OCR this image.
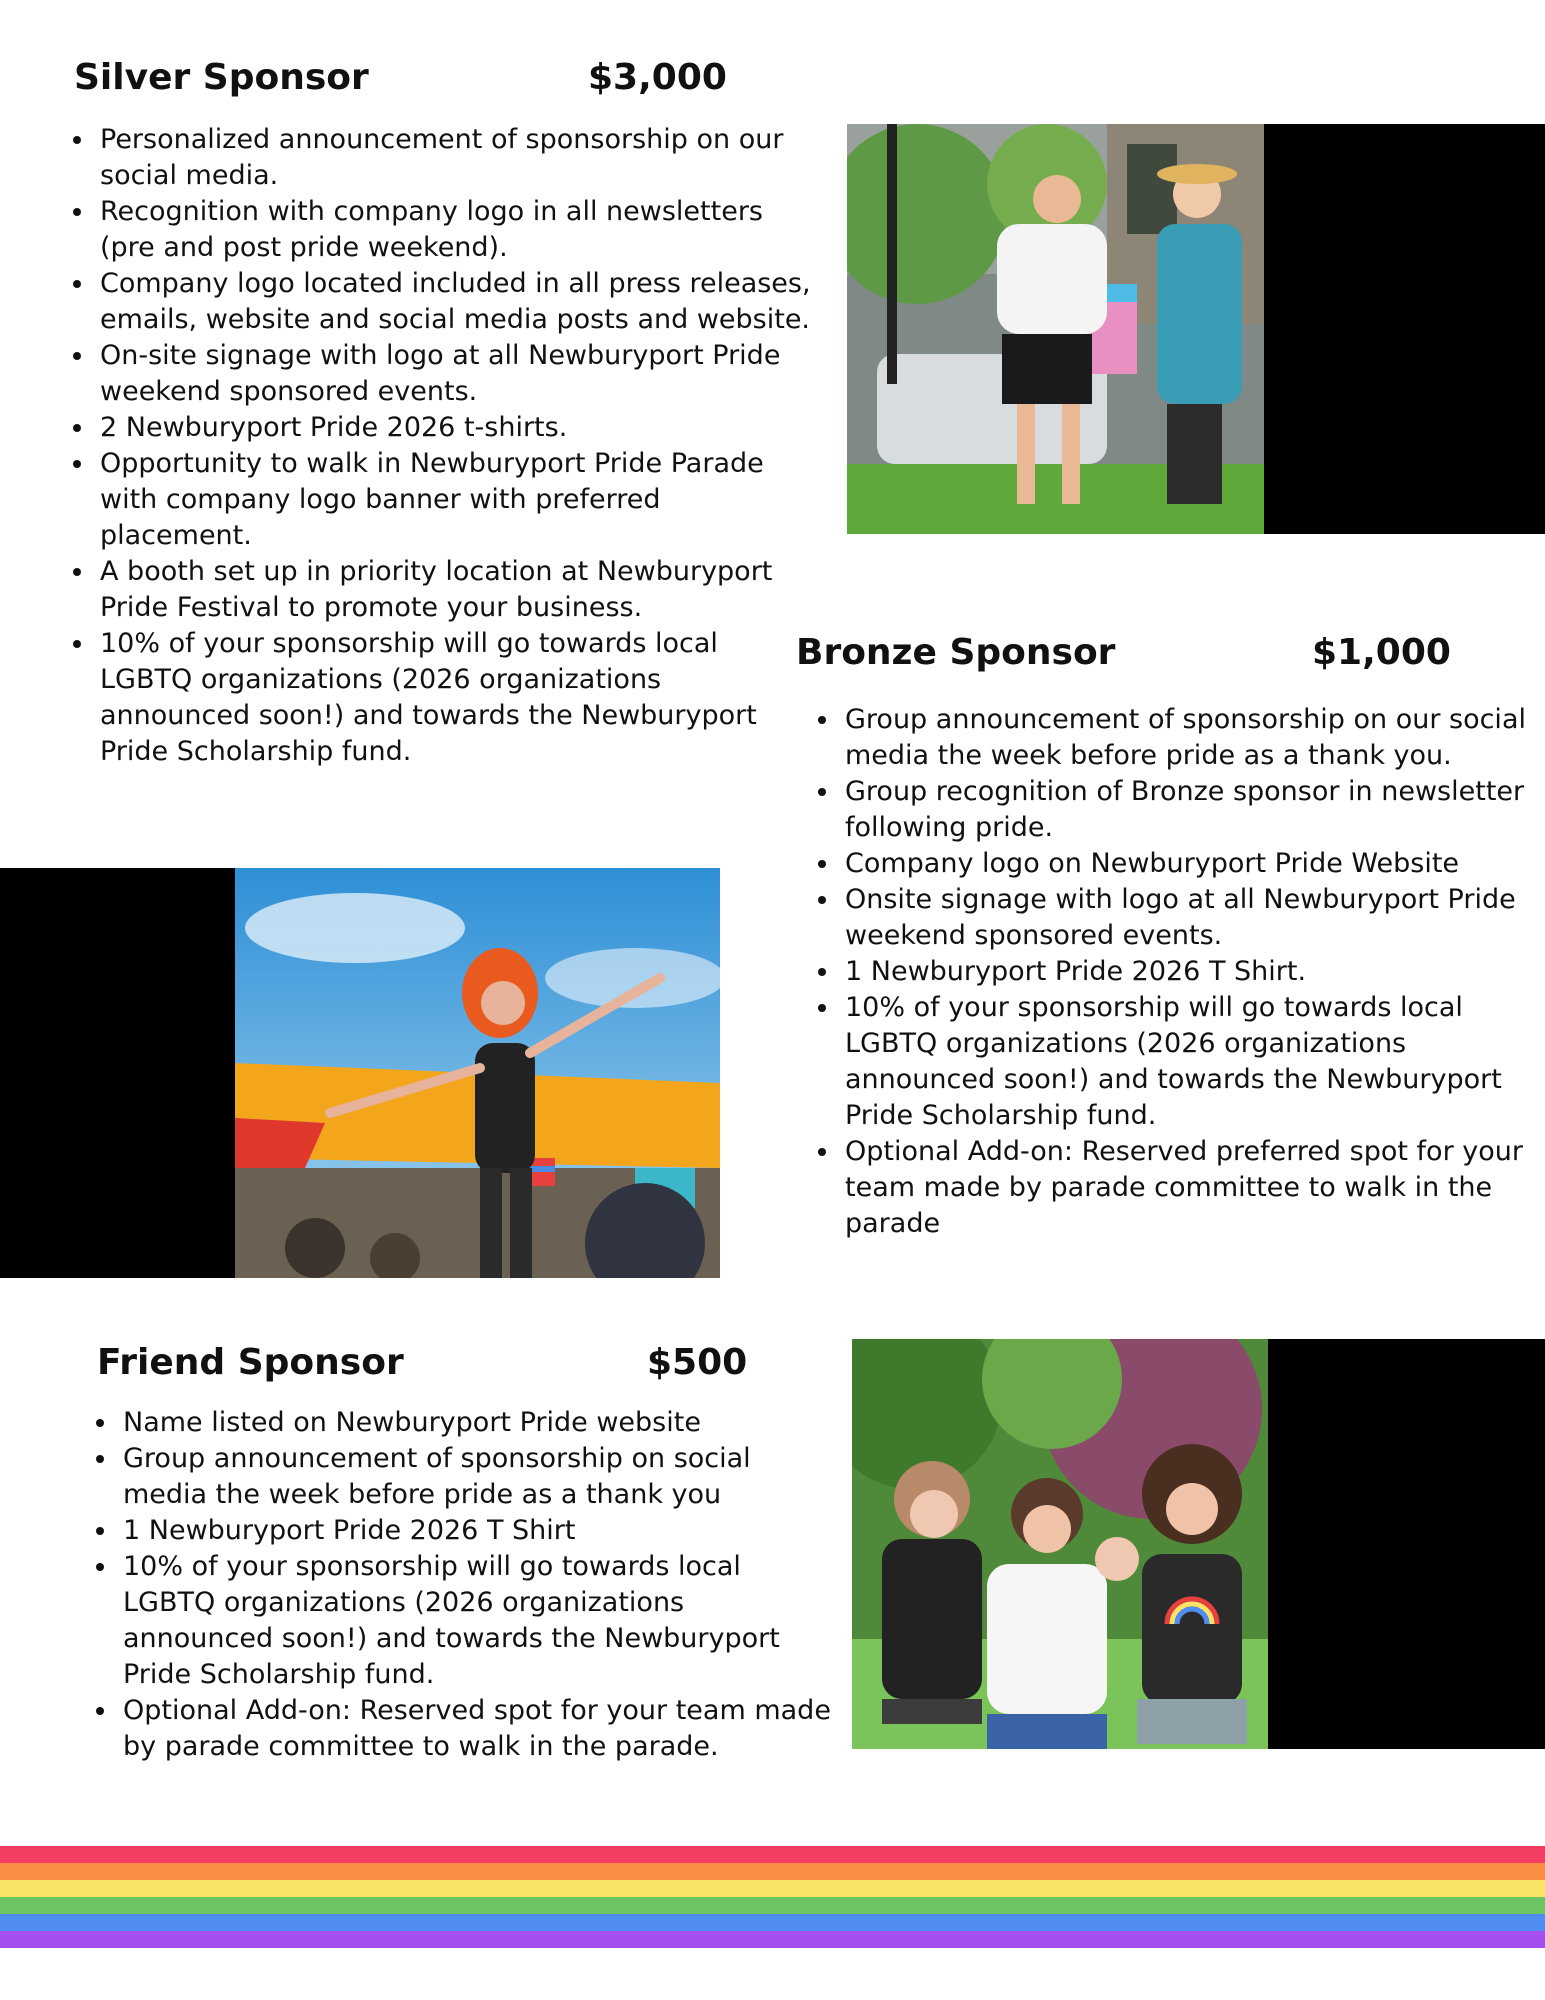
Silver Sponsor	$3,000
• Personalized announcement of sponsorship on our social media.
• Recognition with company logo in all newsletters (pre and post pride weekend).
• Company logo located included in all press releases, emails, website and social media posts and website.
• On-site signage with logo at all Newburyport Pride weekend sponsored events.
• 2 Newburyport Pride 2026 t-shirts.
• Opportunity to walk in Newburyport Pride Parade with company logo banner with preferred placement.
• A booth set up in priority location at Newburyport Pride Festival to promote your business.
• 10% of your sponsorship will go towards local LGBTQ organizations (2026 organizations announced soon!) and towards the Newburyport Pride Scholarship fund.
Bronze Sponsor	$1,000
• Group announcement of sponsorship on our social media the week before pride as a thank you.
• Group recognition of Bronze sponsor in newsletter following pride.
• Company logo on Newburyport Pride Website
• Onsite signage with logo at all Newburyport Pride weekend sponsored events.
• 1 Newburyport Pride 2026 T Shirt.
• 10% of your sponsorship will go towards local LGBTQ organizations (2026 organizations announced soon!) and towards the Newburyport Pride Scholarship fund.
• Optional Add-on: Reserved preferred spot for your team made by parade committee to walk in the parade
Friend Sponsor	$500
• Name listed on Newburyport Pride website
• Group announcement of sponsorship on social media the week before pride as a thank you
• 1 Newburyport Pride 2026 T Shirt
• 10% of your sponsorship will go towards local LGBTQ organizations (2026 organizations announced soon!) and towards the Newburyport Pride Scholarship fund.
• Optional Add-on: Reserved spot for your team made by parade committee to walk in the parade.
